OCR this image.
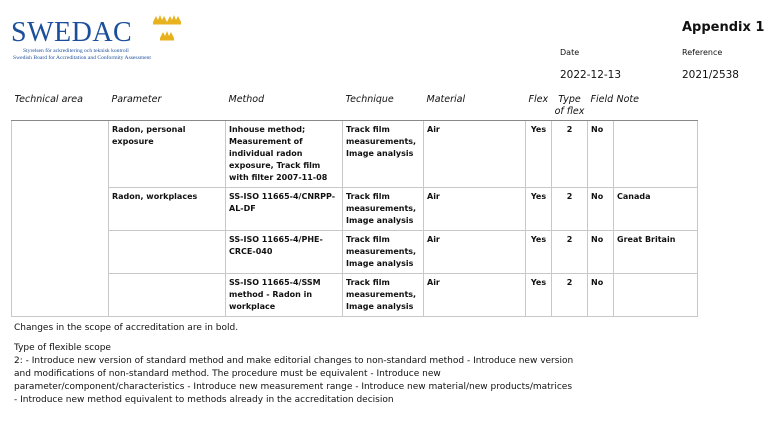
SWEDAC
Styrelsen för ackreditering och teknisk kontroll
Swedish Board for Accreditation and Conformity Assessment
Appendix 1
Date	Reference
2022-12-13	2021/2538
Technical area	Parameter	Method	Technique	Material	Flex	Type of flex	Field	Note
	Radon, personal exposure	Inhouse method; Measurement of individual radon exposure, Track film with filter 2007-11-08	Track film measurements, Image analysis	Air	Yes	2	No	
	Radon, workplaces	SS-ISO 11665-4/CNRPP-AL-DF	Track film measurements, Image analysis	Air	Yes	2	No	Canada
		SS-ISO 11665-4/PHE-CRCE-040	Track film measurements, Image analysis	Air	Yes	2	No	Great Britain
		SS-ISO 11665-4/SSM method - Radon in workplace	Track film measurements, Image analysis	Air	Yes	2	No	
Changes in the scope of accreditation are in bold.
Type of flexible scope
2: - Introduce new version of standard method and make editorial changes to non-standard method - Introduce new version and modifications of non-standard method. The procedure must be equivalent - Introduce new parameter/component/characteristics - Introduce new measurement range - Introduce new material/new products/matrices - Introduce new method equivalent to methods already in the accreditation decision
